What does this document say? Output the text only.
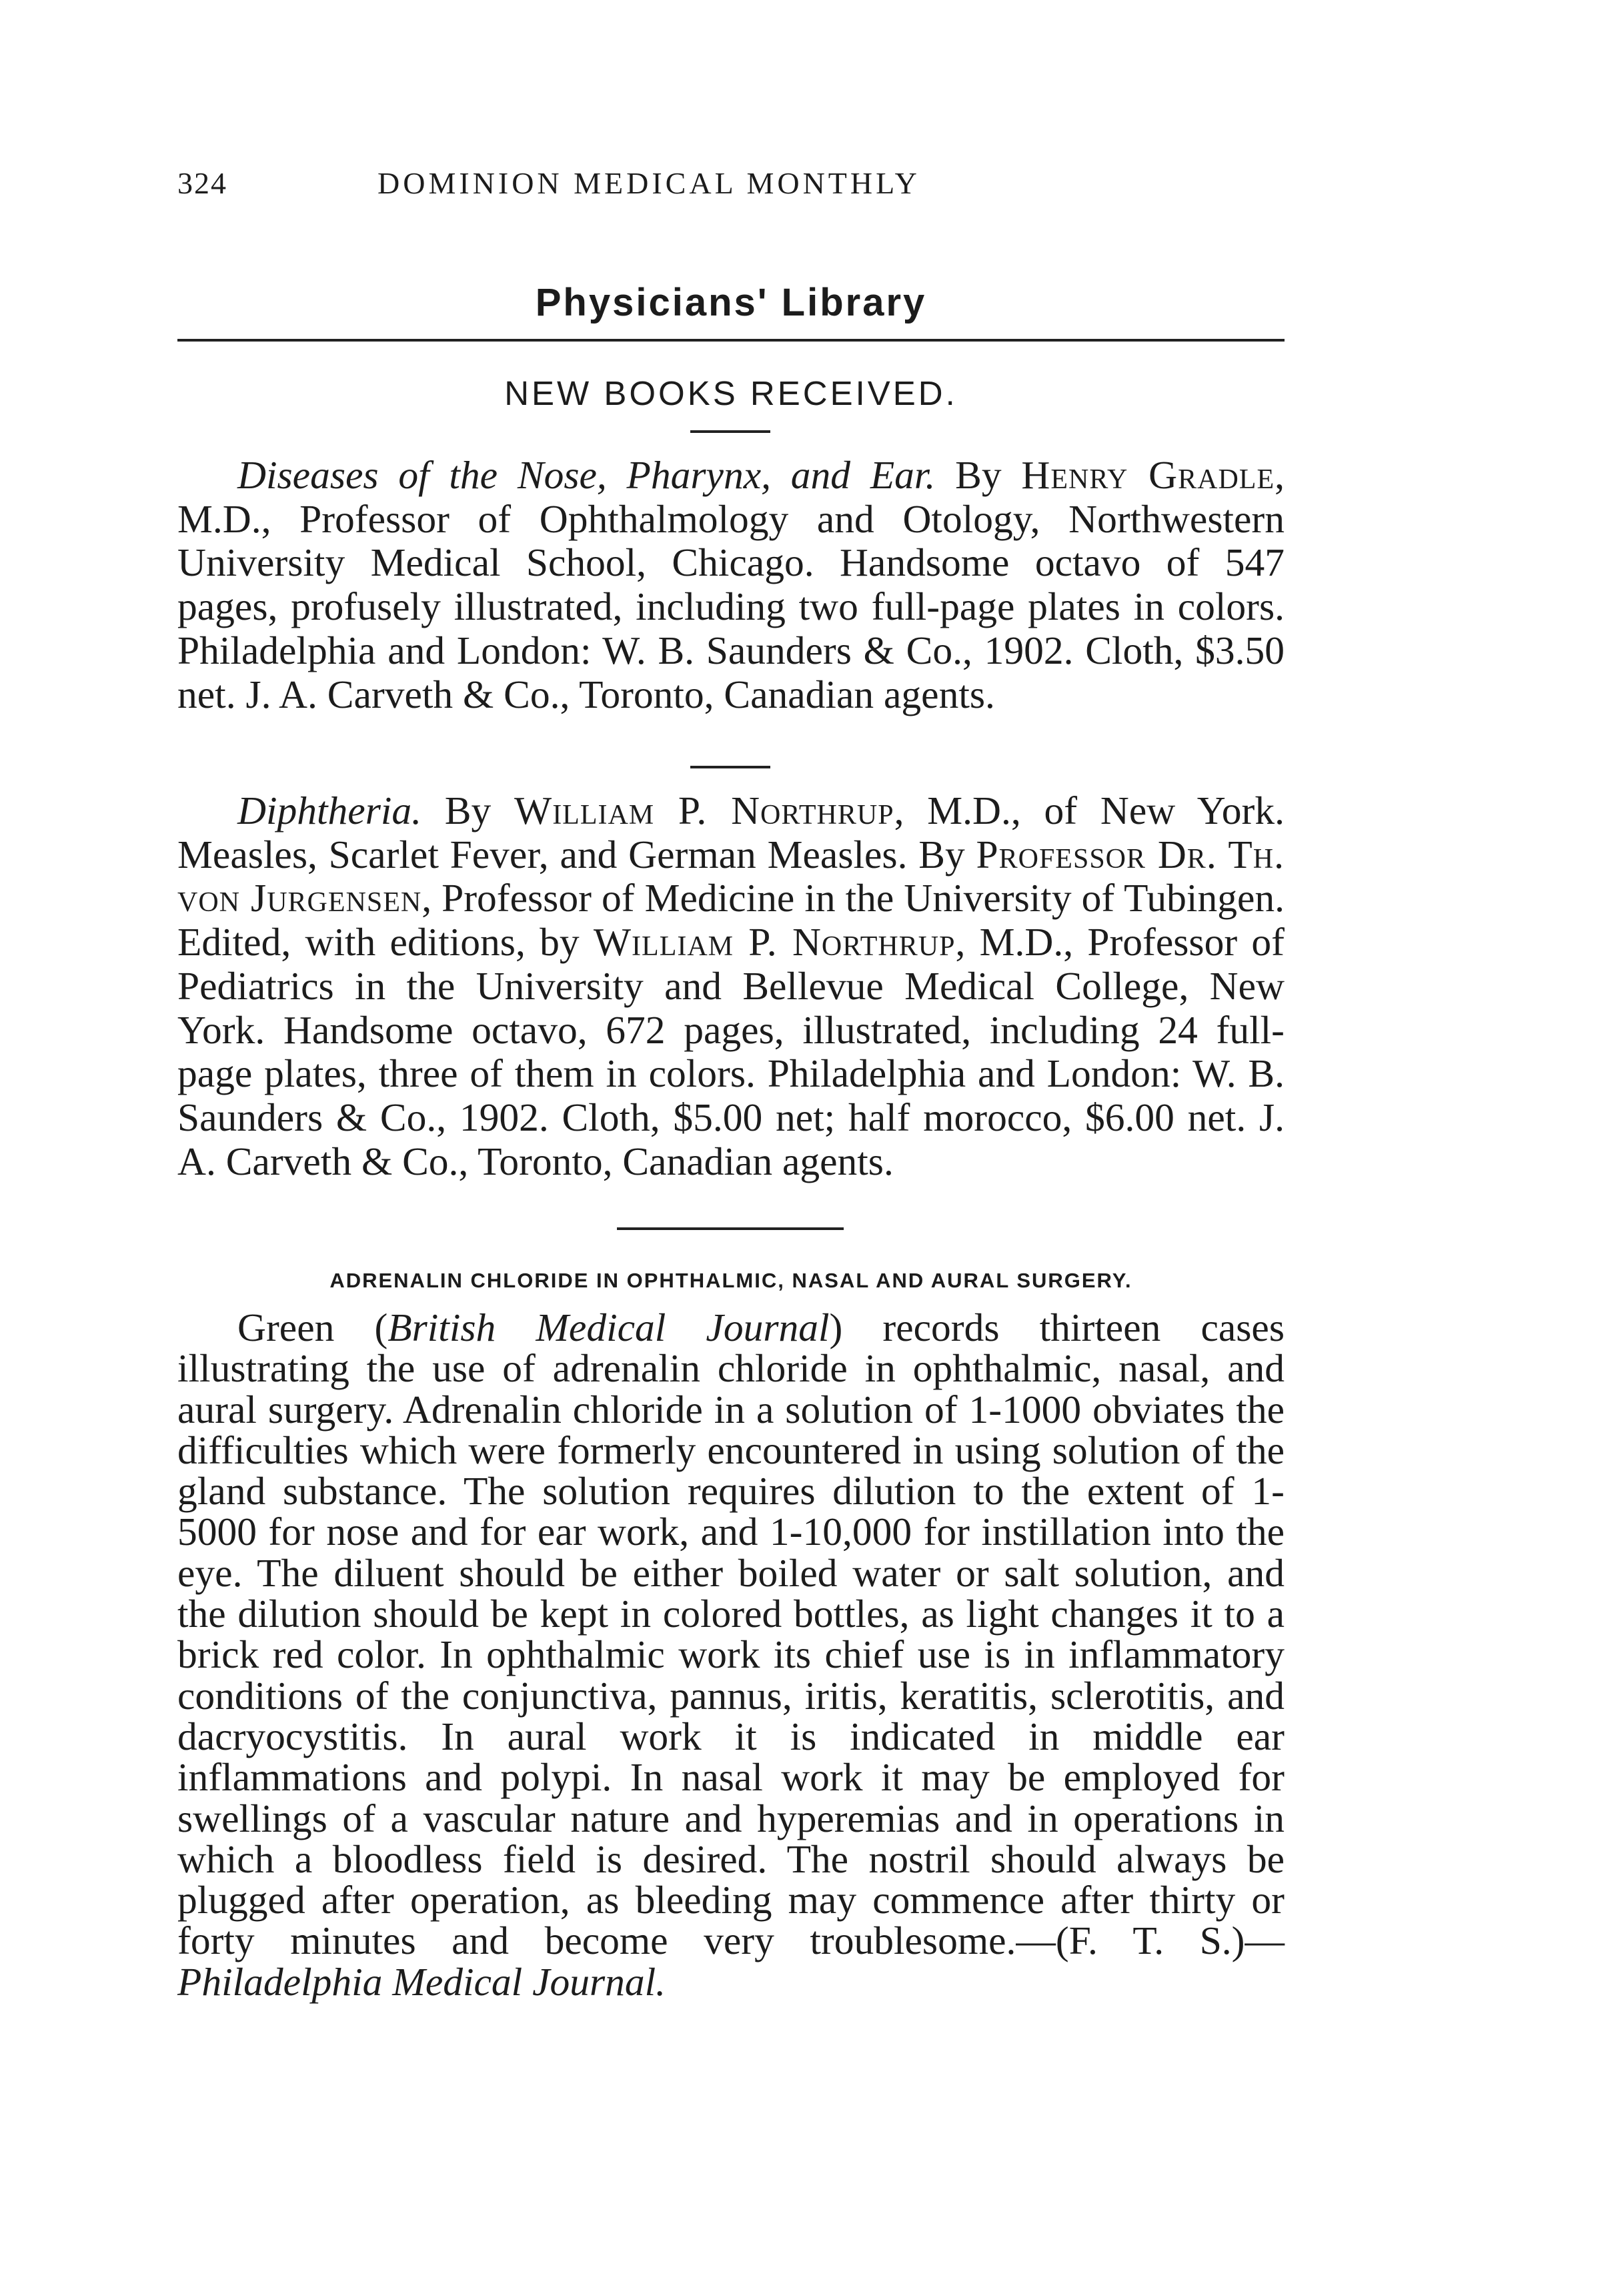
324	DOMINION MEDICAL MONTHLY
Physicians' Library
NEW BOOKS RECEIVED.

Diseases of the Nose, Pharynx, and Ear. By Henry Gradle, M.D., Professor of Ophthalmology and Otology, Northwestern University Medical School, Chicago. Handsome octavo of 547 pages, profusely illustrated, including two full-page plates in colors. Philadelphia and London: W. B. Saunders & Co., 1902. Cloth, $3.50 net. J. A. Carveth & Co., Toronto, Canadian agents.

Diphtheria. By William P. Northrup, M.D., of New York. Measles, Scarlet Fever, and German Measles. By Professor Dr. Th. von Jurgensen, Professor of Medicine in the University of Tubingen. Edited, with editions, by William P. Northrup, M.D., Professor of Pediatrics in the University and Bellevue Medical College, New York. Handsome octavo, 672 pages, illustrated, including 24 full-page plates, three of them in colors. Philadelphia and London: W. B. Saunders & Co., 1902. Cloth, $5.00 net; half morocco, $6.00 net. J. A. Carveth & Co., Toronto, Canadian agents.

ADRENALIN CHLORIDE IN OPHTHALMIC, NASAL AND AURAL SURGERY.

Green (British Medical Journal) records thirteen cases illustrating the use of adrenalin chloride in ophthalmic, nasal, and aural surgery. Adrenalin chloride in a solution of 1-1000 obviates the difficulties which were formerly encountered in using solution of the gland substance. The solution requires dilution to the extent of 1-5000 for nose and for ear work, and 1-10,000 for instillation into the eye. The diluent should be either boiled water or salt solution, and the dilution should be kept in colored bottles, as light changes it to a brick red color. In ophthalmic work its chief use is in inflammatory conditions of the conjunctiva, pannus, iritis, keratitis, sclerotitis, and dacryocystitis. In aural work it is indicated in middle ear inflammations and polypi. In nasal work it may be employed for swellings of a vascular nature and hyperemias and in operations in which a bloodless field is desired. The nostril should always be plugged after operation, as bleeding may commence after thirty or forty minutes and become very troublesome.—(F. T. S.)—Philadelphia Medical Journal.
